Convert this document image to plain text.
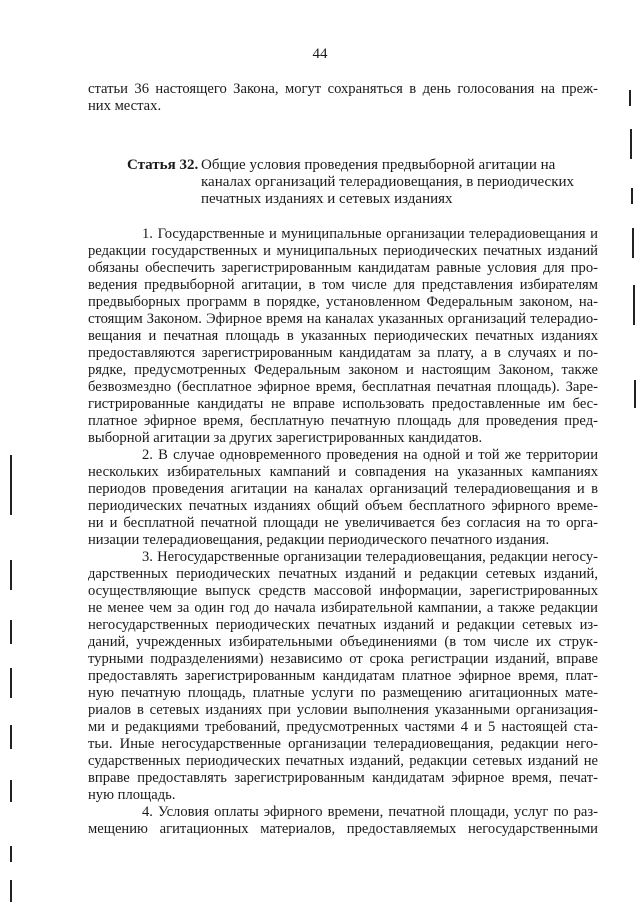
44
статьи 36 настоящего Закона, могут сохраняться в день голосования на преж-
них местах.
Статья 32. Общие условия проведения предвыборной агитации на
каналах организаций телерадиовещания, в периодических
печатных изданиях и сетевых изданиях
1. Государственные и муниципальные организации телерадиовещания и
редакции государственных и муниципальных периодических печатных изданий
обязаны обеспечить зарегистрированным кандидатам равные условия для про-
ведения предвыборной агитации, в том числе для представления избирателям
предвыборных программ в порядке, установленном Федеральным законом, на-
стоящим Законом. Эфирное время на каналах указанных организаций телерадио-
вещания и печатная площадь в указанных периодических печатных изданиях
предоставляются зарегистрированным кандидатам за плату, а в случаях и по-
рядке, предусмотренных Федеральным законом и настоящим Законом, также
безвозмездно (бесплатное эфирное время, бесплатная печатная площадь). Заре-
гистрированные кандидаты не вправе использовать предоставленные им бес-
платное эфирное время, бесплатную печатную площадь для проведения пред-
выборной агитации за других зарегистрированных кандидатов.
2. В случае одновременного проведения на одной и той же территории
нескольких избирательных кампаний и совпадения на указанных кампаниях
периодов проведения агитации на каналах организаций телерадиовещания и в
периодических печатных изданиях общий объем бесплатного эфирного време-
ни и бесплатной печатной площади не увеличивается без согласия на то орга-
низации телерадиовещания, редакции периодического печатного издания.
3. Негосударственные организации телерадиовещания, редакции негосу-
дарственных периодических печатных изданий и редакции сетевых изданий,
осуществляющие выпуск средств массовой информации, зарегистрированных
не менее чем за один год до начала избирательной кампании, а также редакции
негосударственных периодических печатных изданий и редакции сетевых из-
даний, учрежденных избирательными объединениями (в том числе их струк-
турными подразделениями) независимо от срока регистрации изданий, вправе
предоставлять зарегистрированным кандидатам платное эфирное время, плат-
ную печатную площадь, платные услуги по размещению агитационных мате-
риалов в сетевых изданиях при условии выполнения указанными организация-
ми и редакциями требований, предусмотренных частями 4 и 5 настоящей ста-
тьи. Иные негосударственные организации телерадиовещания, редакции него-
сударственных периодических печатных изданий, редакции сетевых изданий не
вправе предоставлять зарегистрированным кандидатам эфирное время, печат-
ную площадь.
4. Условия оплаты эфирного времени, печатной площади, услуг по раз-
мещению агитационных материалов, предоставляемых негосударственными
